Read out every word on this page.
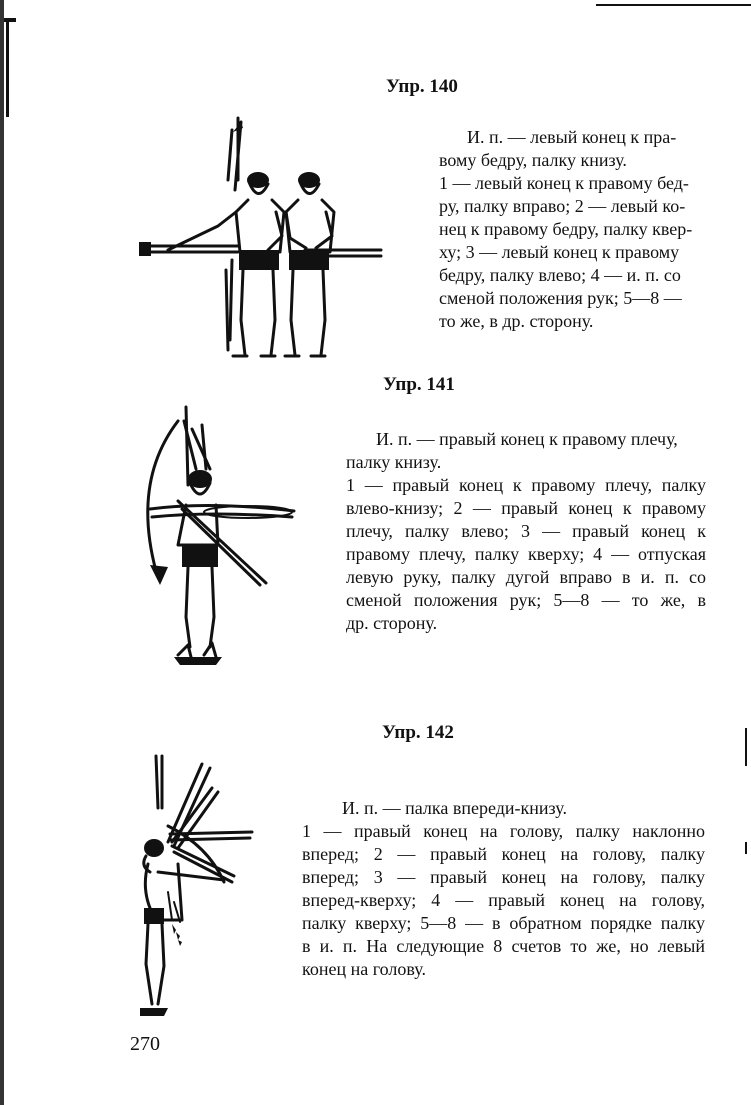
Упр. 140
И. п. — левый конец к пра-
вому бедру, палку книзу.
1 — левый конец к правому бед-
ру, палку вправо; 2 — левый ко-
нец к правому бедру, палку квер-
ху; 3 — левый конец к правому
бедру, палку влево; 4 — и. п. со
сменой положения рук; 5—8 —
то же, в др. сторону.
Упр. 141
И. п. — правый конец к правому плечу,
палку книзу.
1 — правый конец к правому плечу, палку
влево-книзу; 2 — правый конец к правому
плечу, палку влево; 3 — правый конец к
правому плечу, палку кверху; 4 — отпуская
левую руку, палку дугой вправо в и. п. со
сменой положения рук; 5—8 — то же, в
др. сторону.
Упр. 142
И. п. — палка впереди-книзу.
1 — правый конец на голову, палку наклонно
вперед; 2 — правый конец на голову, палку
вперед; 3 — правый конец на голову, палку
вперед-кверху; 4 — правый конец на голову,
палку кверху; 5—8 — в обратном порядке палку
в и. п. На следующие 8 счетов то же, но левый
конец на голову.
270
